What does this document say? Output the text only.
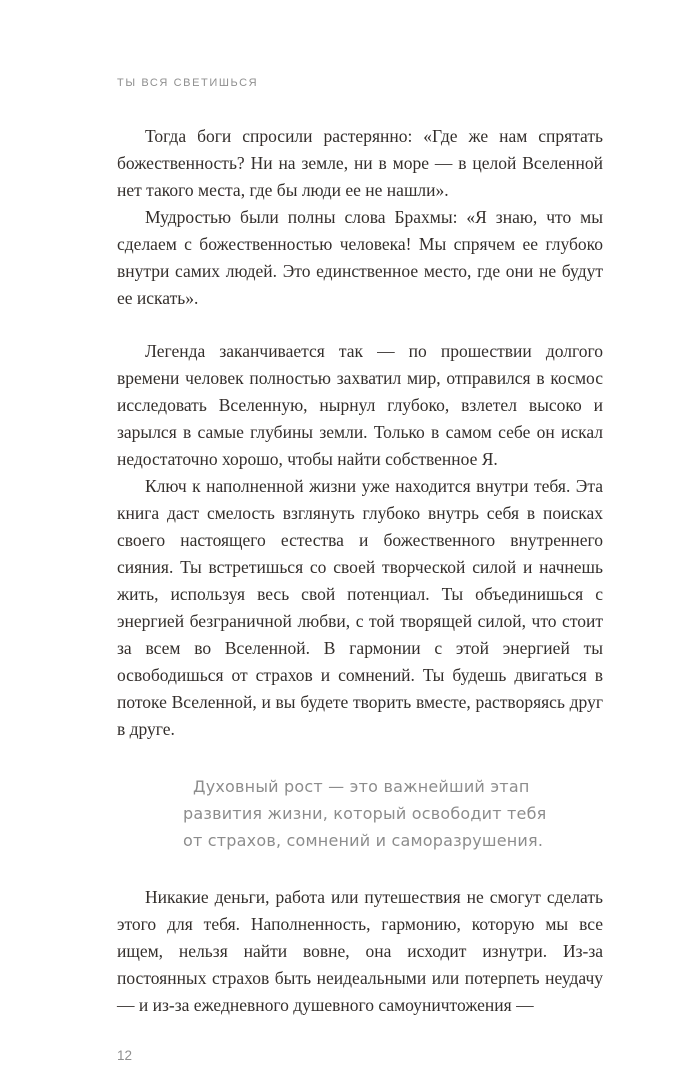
ТЫ ВСЯ СВЕТИШЬСЯ

Тогда боги спросили растерянно: «Где же нам спрятать божественность? Ни на земле, ни в море — в целой Вселенной нет такого места, где бы люди ее не нашли».

Мудростью были полны слова Брахмы: «Я знаю, что мы сделаем с божественностью человека! Мы спрячем ее глубоко внутри самих людей. Это единственное место, где они не будут ее искать».

Легенда заканчивается так — по прошествии долгого времени человек полностью захватил мир, отправился в космос исследовать Вселенную, нырнул глубоко, взлетел высоко и зарылся в самые глубины земли. Только в самом себе он искал недостаточно хорошо, чтобы найти собственное Я.

Ключ к наполненной жизни уже находится внутри тебя. Эта книга даст смелость взглянуть глубоко внутрь себя в поисках своего настоящего естества и божественного внутреннего сияния. Ты встретишься со своей творческой силой и начнешь жить, используя весь свой потенциал. Ты объединишься с энергией безграничной любви, с той творящей силой, что стоит за всем во Вселенной. В гармонии с этой энергией ты освободишься от страхов и сомнений. Ты будешь двигаться в потоке Вселенной, и вы будете творить вместе, растворяясь друг в друге.

Духовный рост — это важнейший этап развития жизни, который освободит тебя от страхов, сомнений и саморазрушения.

Никакие деньги, работа или путешествия не смогут сделать этого для тебя. Наполненность, гармонию, которую мы все ищем, нельзя найти вовне, она исходит изнутри. Из-за постоянных страхов быть неидеальными или потерпеть неудачу — и из-за ежедневного душевного самоуничтожения —

12
